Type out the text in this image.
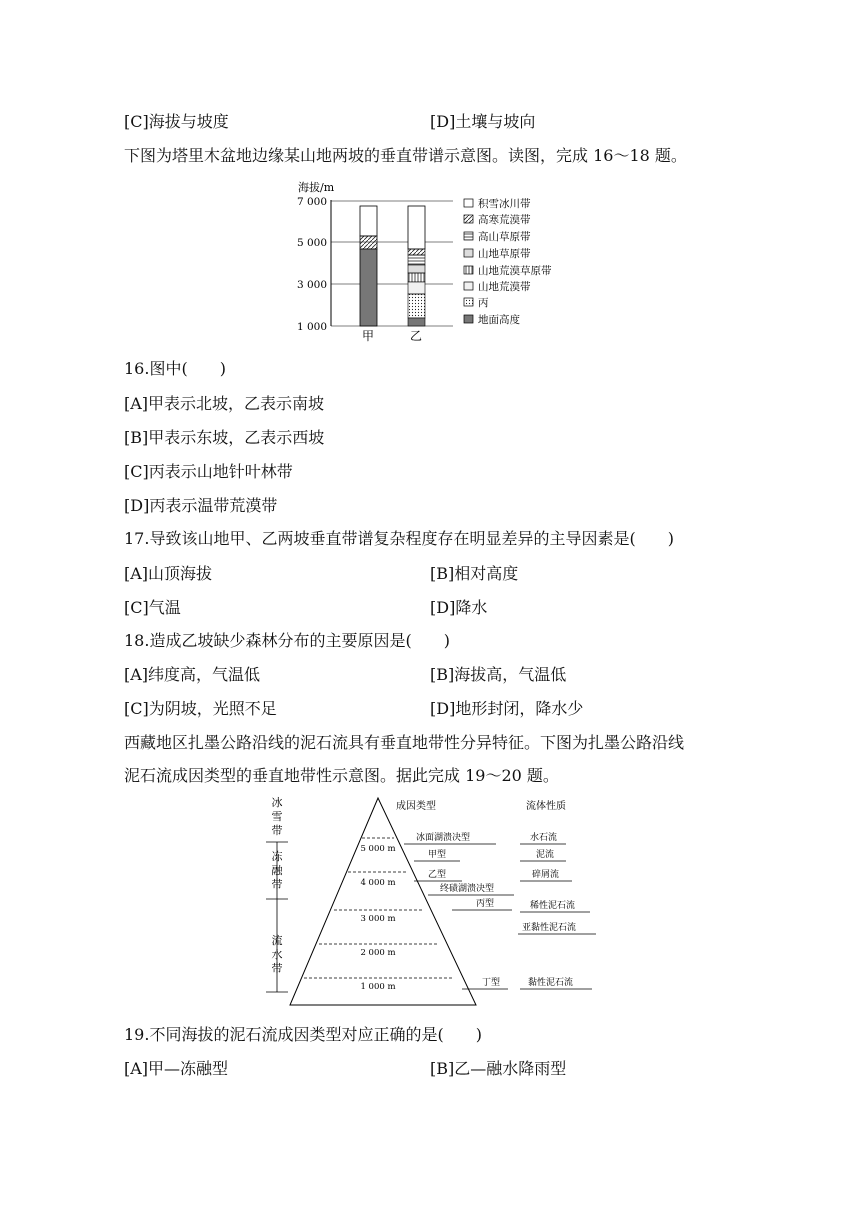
[C]海拔与坡度	[D]土壤与坡向
下图为塔里木盆地边缘某山地两坡的垂直带谱示意图。读图，完成 16～18 题。
海拔/m
7 000
5 000
3 000
1 000
甲	乙
积雪冰川带
高寒荒漠带
高山草原带
山地草原带
山地荒漠草原带
山地荒漠带
丙
地面高度
16.图中(　　)
[A]甲表示北坡，乙表示南坡
[B]甲表示东坡，乙表示西坡
[C]丙表示山地针叶林带
[D]丙表示温带荒漠带
17.导致该山地甲、乙两坡垂直带谱复杂程度存在明显差异的主导因素是(　　)
[A]山顶海拔	[B]相对高度
[C]气温	[D]降水
18.造成乙坡缺少森林分布的主要原因是(　　)
[A]纬度高，气温低	[B]海拔高，气温低
[C]为阴坡，光照不足	[D]地形封闭，降水少
西藏地区扎墨公路沿线的泥石流具有垂直地带性分异特征。下图为扎墨公路沿线
泥石流成因类型的垂直地带性示意图。据此完成 19～20 题。
冰
雪
带
冻
融
带
流
水
带
5 000 m
4 000 m
3 000 m
2 000 m
1 000 m
成因类型	流体性质
冰面湖溃决型
甲型
乙型
终碛湖溃决型
丙型
丁型
水石流
泥流
碎屑流
稀性泥石流
亚黏性泥石流
黏性泥石流
19.不同海拔的泥石流成因类型对应正确的是(　　)
[A]甲—冻融型	[B]乙—融水降雨型
